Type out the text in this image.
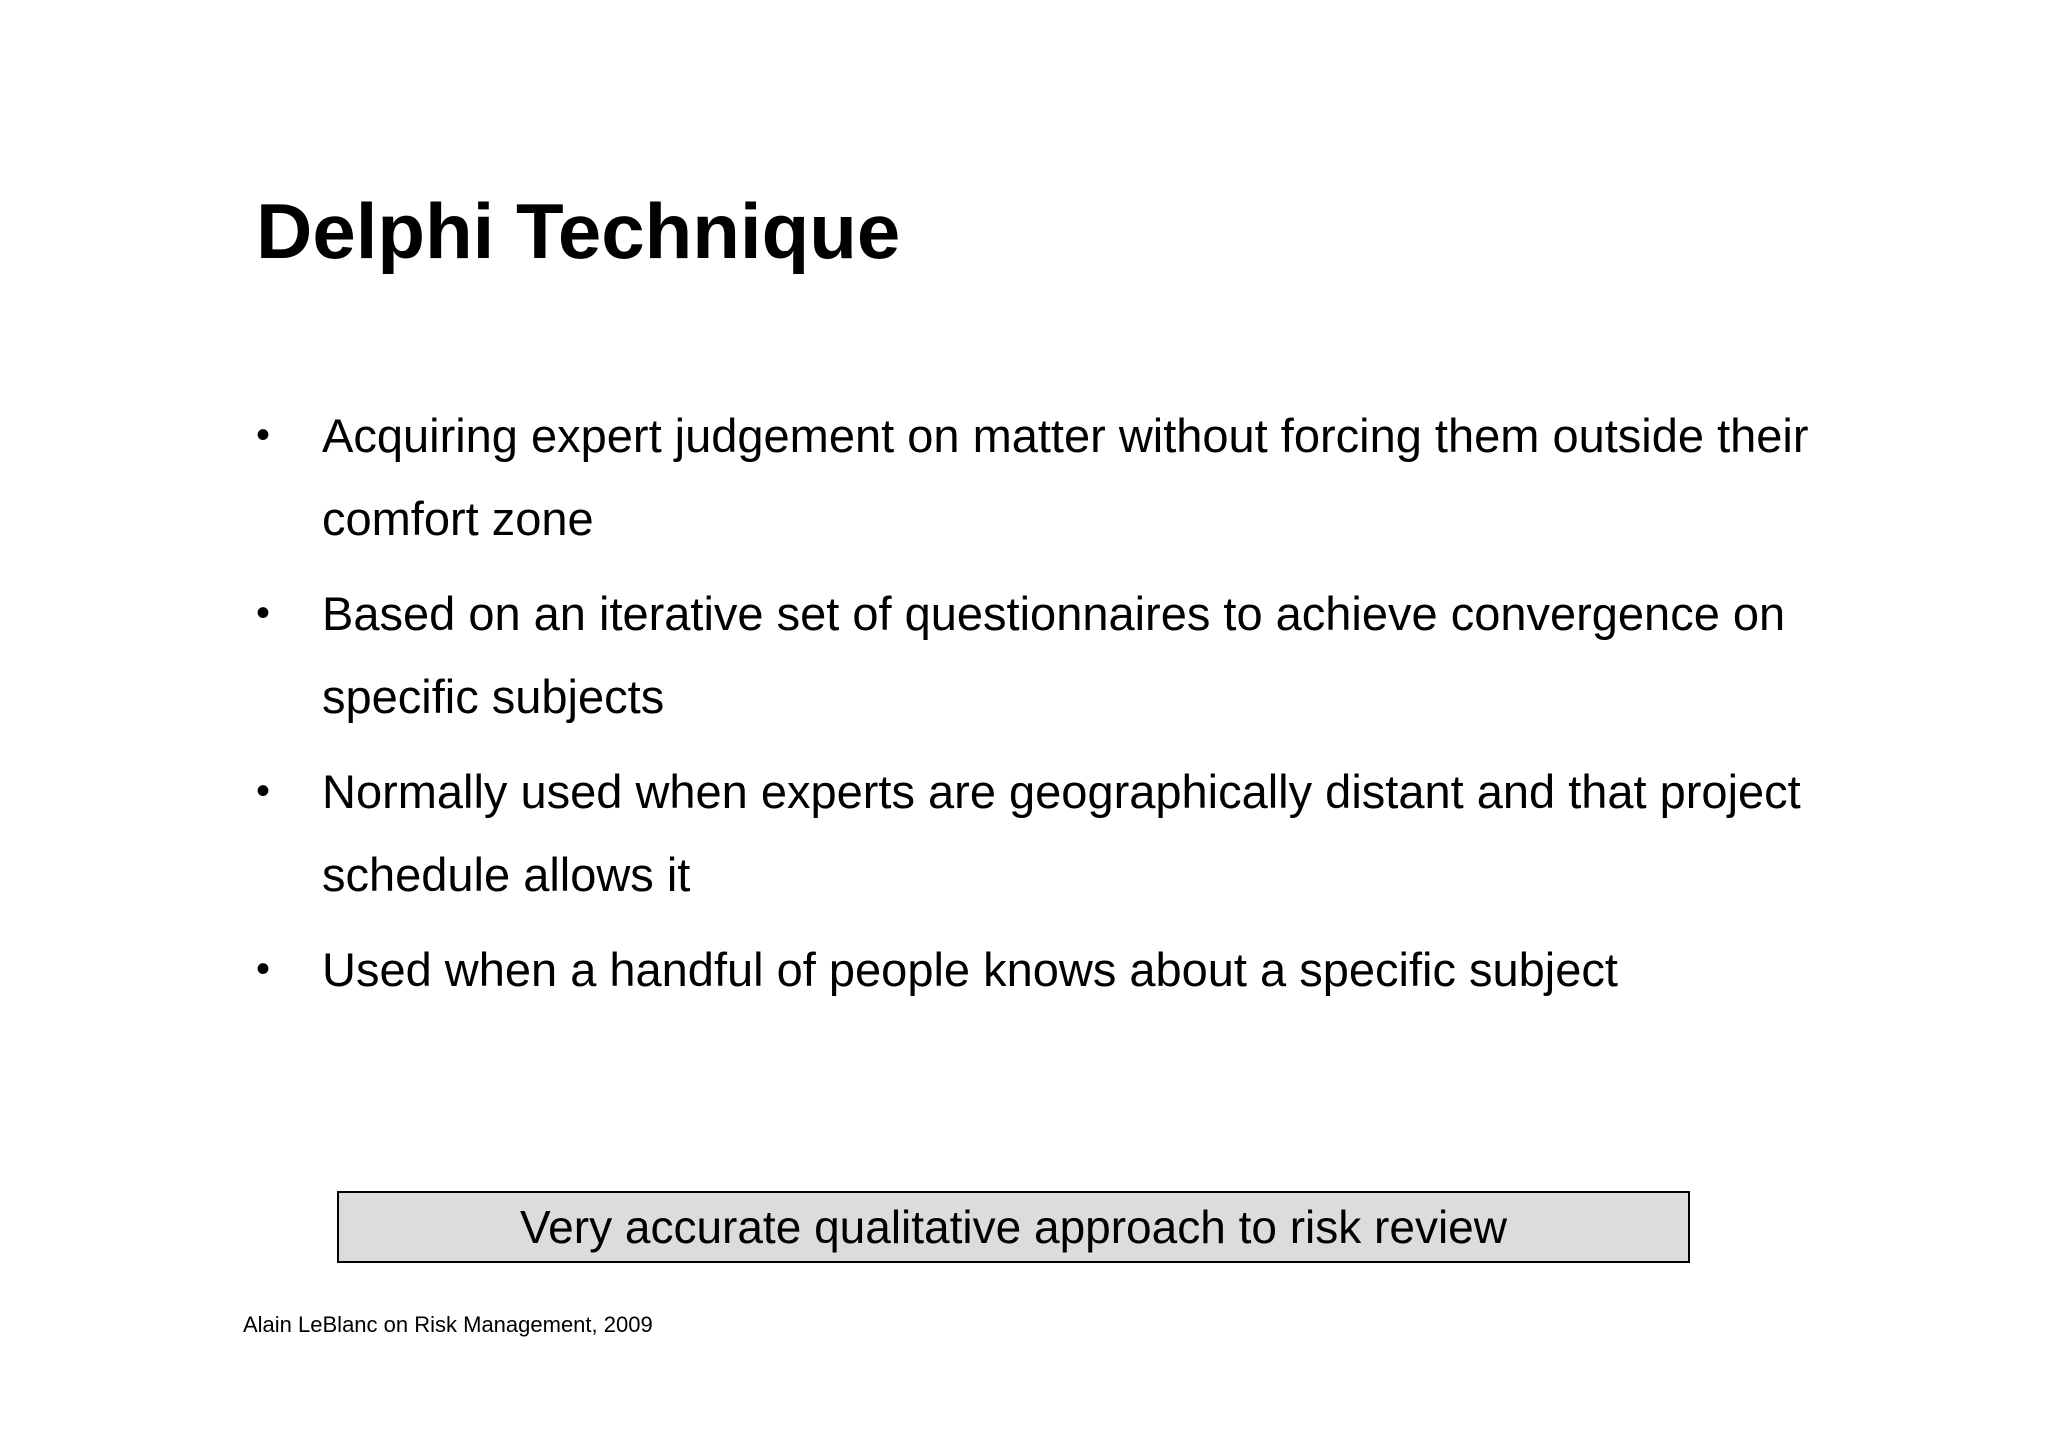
Delphi Technique
• Acquiring expert judgement on matter without forcing them outside their comfort zone
• Based on an iterative set of questionnaires to achieve convergence on specific subjects
• Normally used when experts are geographically distant and that project schedule allows it
• Used when a handful of people knows about a specific subject
Very accurate qualitative approach to risk review
Alain LeBlanc on Risk Management, 2009
